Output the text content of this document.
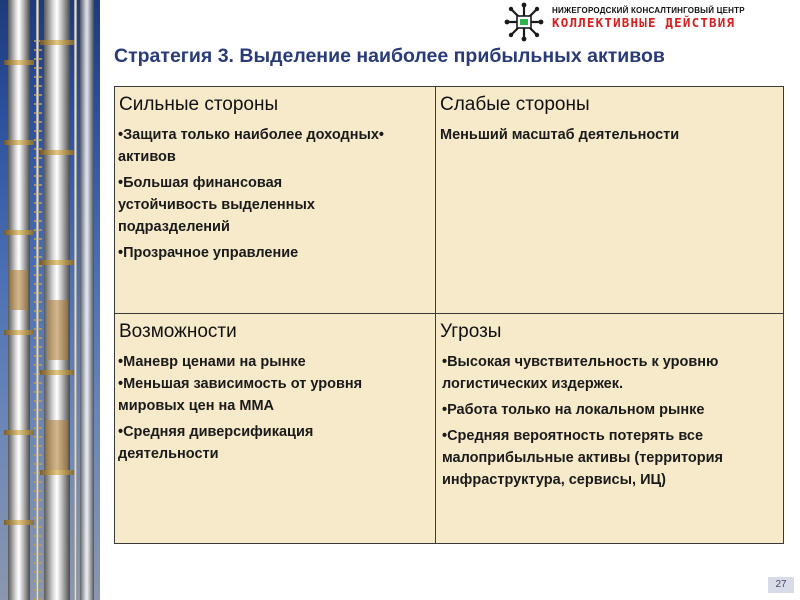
НИЖЕГОРОДСКИЙ КОНСАЛТИНГОВЫЙ ЦЕНТР
КОЛЛЕКТИВНЫЕ ДЕЙСТВИЯ
Стратегия 3. Выделение наиболее прибыльных активов
Сильные стороны
•Защита только наиболее доходных•
активов
•Большая финансовая
устойчивость выделенных
подразделений
•Прозрачное управление
Слабые стороны
Меньший масштаб деятельности
Возможности
•Маневр ценами на рынке
•Меньшая зависимость от уровня
мировых цен на ММА
•Средняя диверсификация
деятельности
Угрозы
•Высокая чувствительность к уровню
логистических издержек.
•Работа только на локальном рынке
•Средняя вероятность потерять все
малоприбыльные активы (территория
инфраструктура, сервисы, ИЦ)
27
